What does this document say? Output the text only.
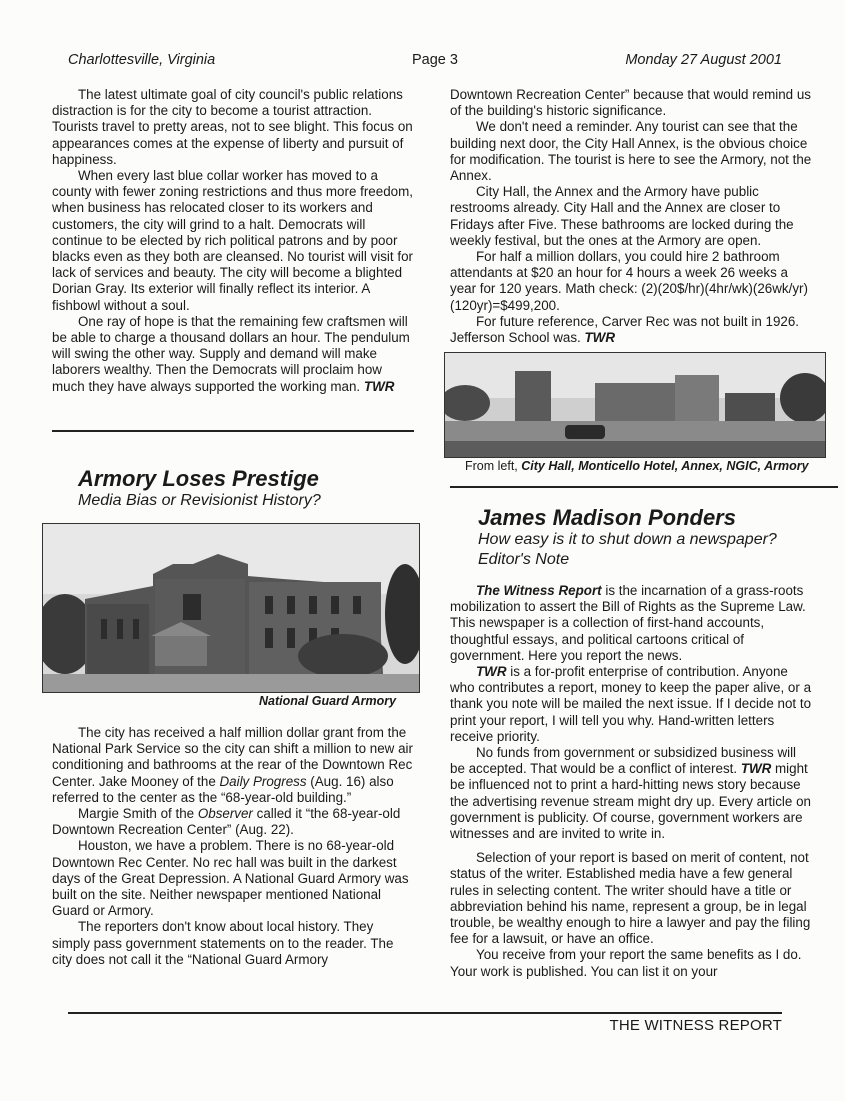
Charlottesville, Virginia	Page 3	Monday 27 August 2001

The latest ultimate goal of city council's public relations distraction is for the city to become a tourist attraction. Tourists travel to pretty areas, not to see blight. This focus on appearances comes at the expense of liberty and pursuit of happiness.

When every last blue collar worker has moved to a county with fewer zoning restrictions and thus more freedom, when business has relocated closer to its workers and customers, the city will grind to a halt. Democrats will continue to be elected by rich political patrons and by poor blacks even as they both are cleansed. No tourist will visit for lack of services and beauty. The city will become a blighted Dorian Gray. Its exterior will finally reflect its interior. A fishbowl without a soul.

One ray of hope is that the remaining few craftsmen will be able to charge a thousand dollars an hour. The pendulum will swing the other way. Supply and demand will make laborers wealthy. Then the Democrats will proclaim how much they have always supported the working man. TWR

Armory Loses Prestige
Media Bias or Revisionist History?
National Guard Armory

The city has received a half million dollar grant from the National Park Service so the city can shift a million to new air conditioning and bathrooms at the rear of the Downtown Rec Center. Jake Mooney of the Daily Progress (Aug. 16) also referred to the center as the “68-year-old building.”

Margie Smith of the Observer called it “the 68-year-old Downtown Recreation Center” (Aug. 22).

Houston, we have a problem. There is no 68-year-old Downtown Rec Center. No rec hall was built in the darkest days of the Great Depression. A National Guard Armory was built on the site. Neither newspaper mentioned National Guard or Armory.

The reporters don't know about local history. They simply pass government statements on to the reader. The city does not call it the “National Guard Armory

Downtown Recreation Center” because that would remind us of the building's historic significance.

We don't need a reminder. Any tourist can see that the building next door, the City Hall Annex, is the obvious choice for modification. The tourist is here to see the Armory, not the Annex.

City Hall, the Annex and the Armory have public restrooms already. City Hall and the Annex are closer to Fridays after Five. These bathrooms are locked during the weekly festival, but the ones at the Armory are open.

For half a million dollars, you could hire 2 bathroom attendants at $20 an hour for 4 hours a week 26 weeks a year for 120 years. Math check: (2)(20$/hr)(4hr/wk)(26wk/yr)(120yr)=$499,200.

For future reference, Carver Rec was not built in 1926. Jefferson School was. TWR

From left, City Hall, Monticello Hotel, Annex, NGIC, Armory
James Madison Ponders
How easy is it to shut down a newspaper?
Editor's Note

The Witness Report is the incarnation of a grass-roots mobilization to assert the Bill of Rights as the Supreme Law. This newspaper is a collection of first-hand accounts, thoughtful essays, and political cartoons critical of government. Here you report the news.

TWR is a for-profit enterprise of contribution. Anyone who contributes a report, money to keep the paper alive, or a thank you note will be mailed the next issue. If I decide not to print your report, I will tell you why. Hand-written letters receive priority.

No funds from government or subsidized business will be accepted. That would be a conflict of interest. TWR might be influenced not to print a hard-hitting news story because the advertising revenue stream might dry up. Every article on government is publicity. Of course, government workers are witnesses and are invited to write in.

Selection of your report is based on merit of content, not status of the writer. Established media have a few general rules in selecting content. The writer should have a title or abbreviation behind his name, represent a group, be in legal trouble, be wealthy enough to hire a lawyer and pay the filing fee for a lawsuit, or have an office.

You receive from your report the same benefits as I do. Your work is published. You can list it on your

THE WITNESS REPORT
